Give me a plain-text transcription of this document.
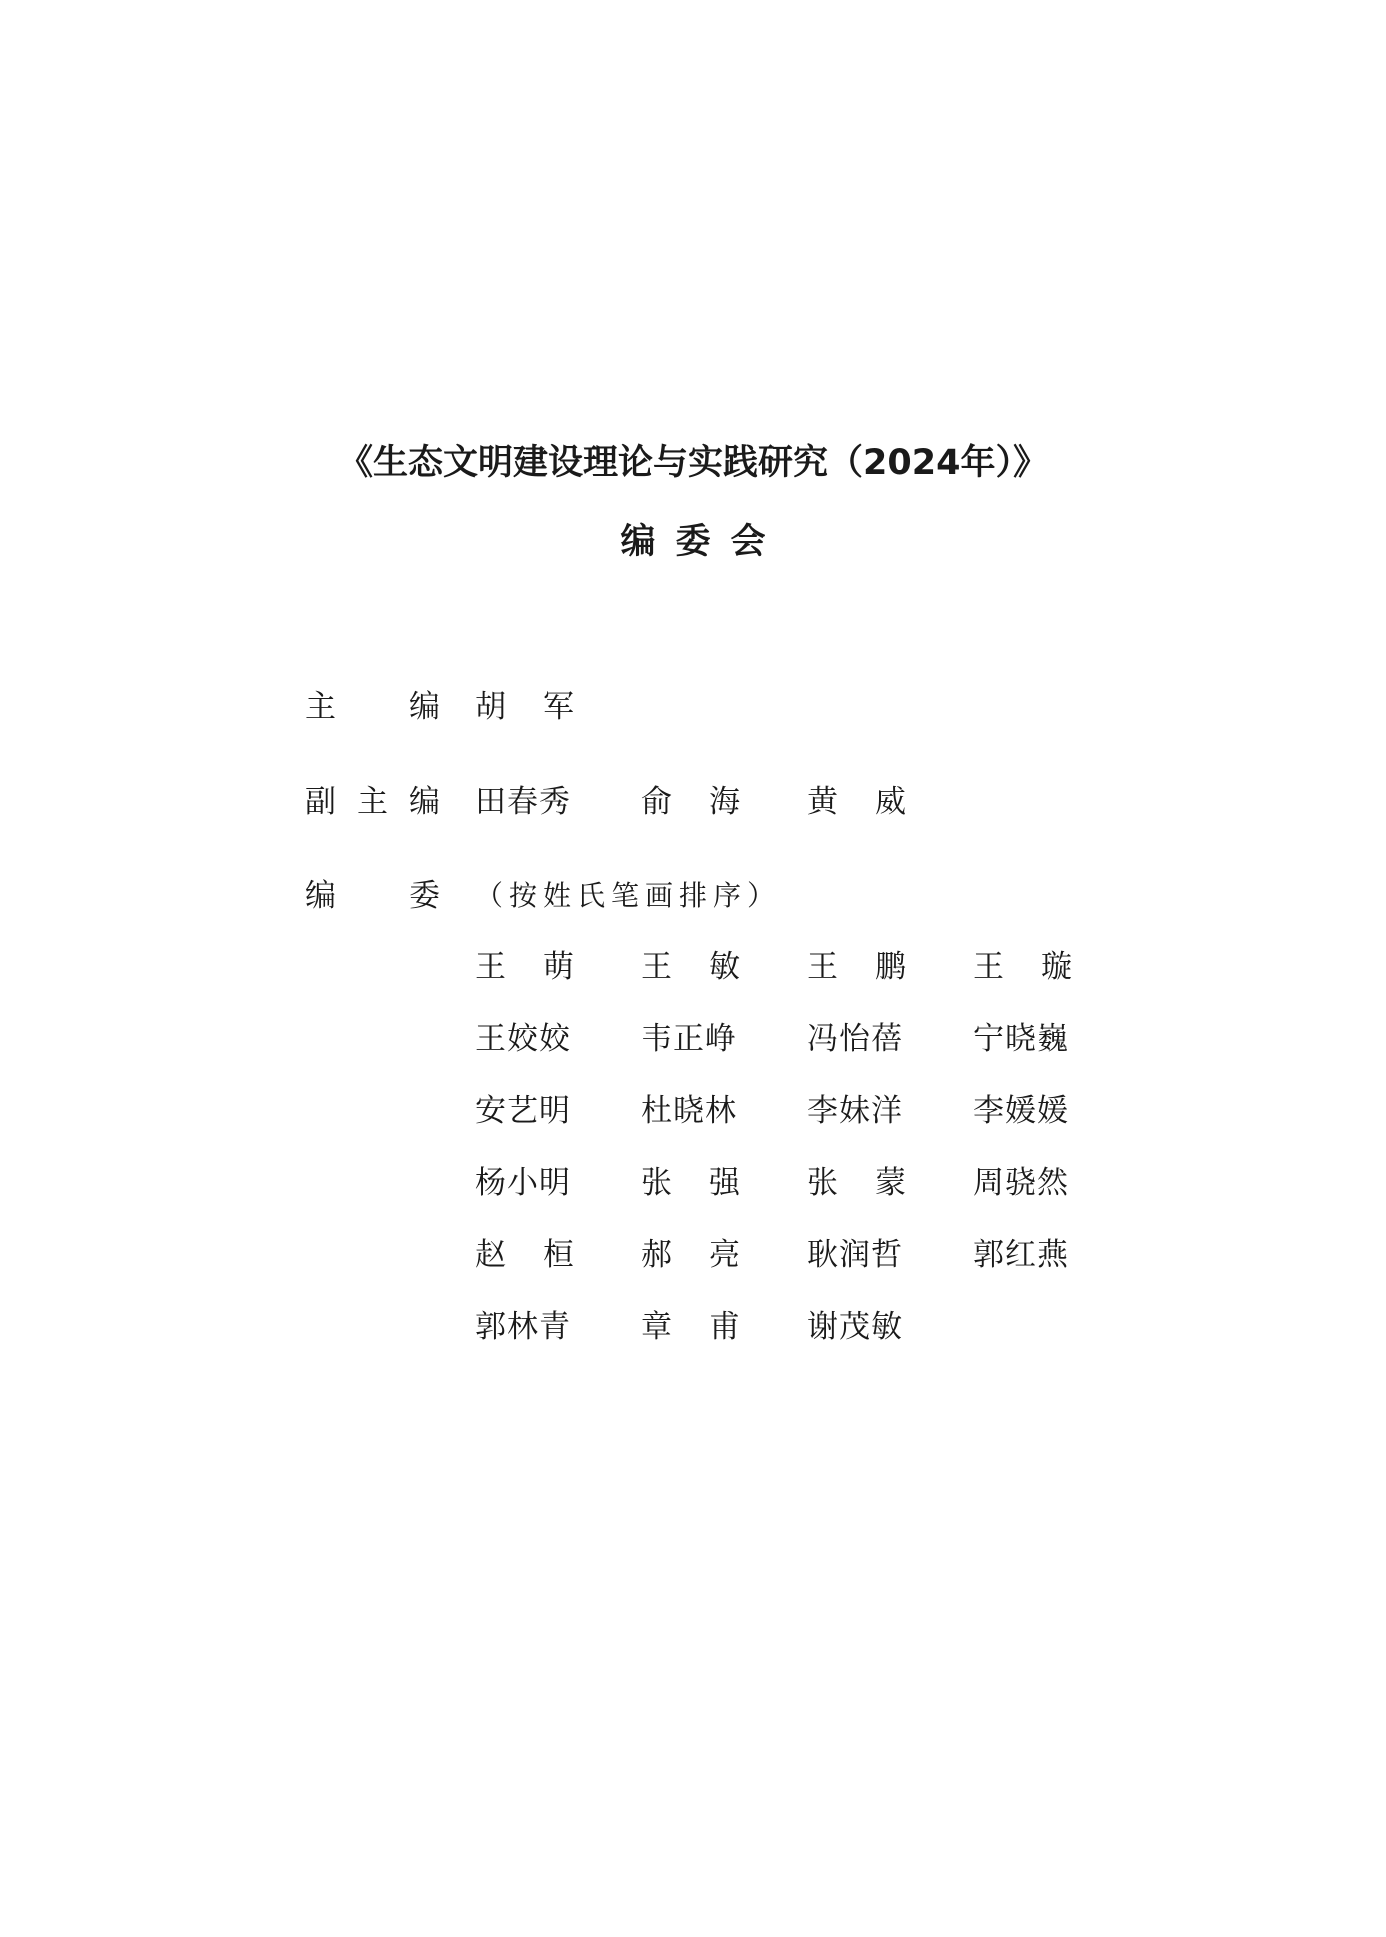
《生态文明建设理论与实践研究（2024年）》
编委会
主 编 胡 军
副 主 编 田春秀 俞 海 黄 威
编 委 （按姓氏笔画排序）
王 萌 王 敏 王 鹏 王 璇
王姣姣 韦正峥 冯怡蓓 宁晓巍
安艺明 杜晓林 李妹洋 李媛媛
杨小明 张 强 张 蒙 周骁然
赵 桓 郝 亮 耿润哲 郭红燕
郭林青 章 甫 谢茂敏
